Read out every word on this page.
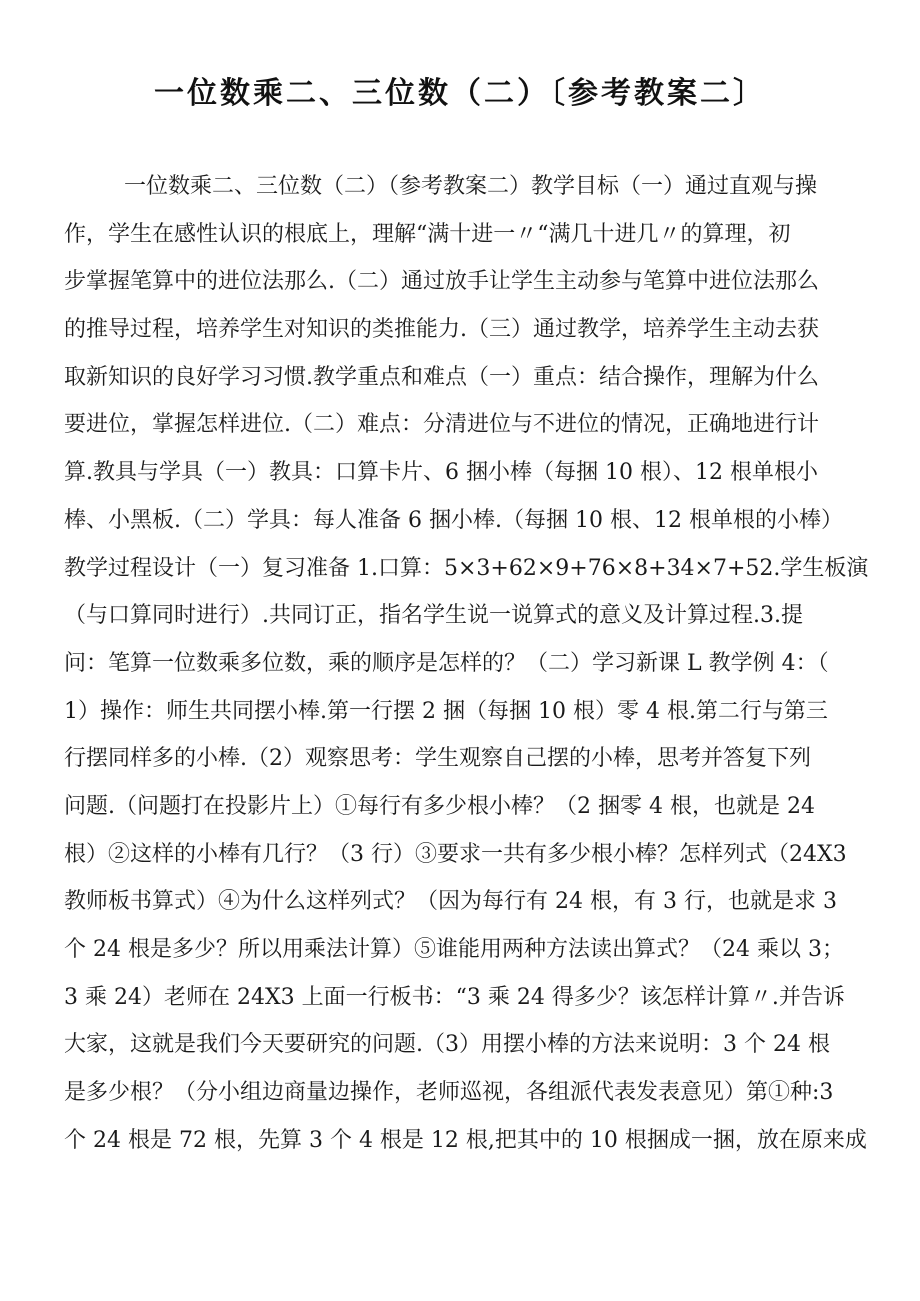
一位数乘二、三位数（二）〔参考教案二〕
一位数乘二、三位数（二）（参考教案二）教学目标（一）通过直观与操
作，学生在感性认识的根底上，理解“满十进一〃“满几十进几〃的算理，初
步掌握笔算中的进位法那么.（二）通过放手让学生主动参与笔算中进位法那么
的推导过程，培养学生对知识的类推能力.（三）通过教学，培养学生主动去获
取新知识的良好学习习惯.教学重点和难点（一）重点：结合操作，理解为什么
要进位，掌握怎样进位.（二）难点：分清进位与不进位的情况，正确地进行计
算.教具与学具（一）教具：口算卡片、6 捆小棒（每捆 10 根）、12 根单根小
棒、小黑板.（二）学具：每人准备 6 捆小棒.（每捆 10 根、12 根单根的小棒）
教学过程设计（一）复习准备 1.口算：5×3+62×9+76×8+34×7+52.学生板演
（与口算同时进行）.共同订正，指名学生说一说算式的意义及计算过程.3.提
问：笔算一位数乘多位数，乘的顺序是怎样的？（二）学习新课 L 教学例 4：（
1）操作：师生共同摆小棒.第一行摆 2 捆（每捆 10 根）零 4 根.第二行与第三
行摆同样多的小棒.（2）观察思考：学生观察自己摆的小棒，思考并答复下列
问题.（问题打在投影片上）①每行有多少根小棒？（2 捆零 4 根，也就是 24
根）②这样的小棒有几行？（3 行）③要求一共有多少根小棒？怎样列式（24X3
教师板书算式）④为什么这样列式？（因为每行有 24 根，有 3 行，也就是求 3
个 24 根是多少？所以用乘法计算）⑤谁能用两种方法读出算式？（24 乘以 3；
3 乘 24）老师在 24X3 上面一行板书：“3 乘 24 得多少？该怎样计算〃.并告诉
大家，这就是我们今天要研究的问题.（3）用摆小棒的方法来说明：3 个 24 根
是多少根？（分小组边商量边操作，老师巡视，各组派代表发表意见）第①种:3
个 24 根是 72 根，先算 3 个 4 根是 12 根,把其中的 10 根捆成一捆，放在原来成
